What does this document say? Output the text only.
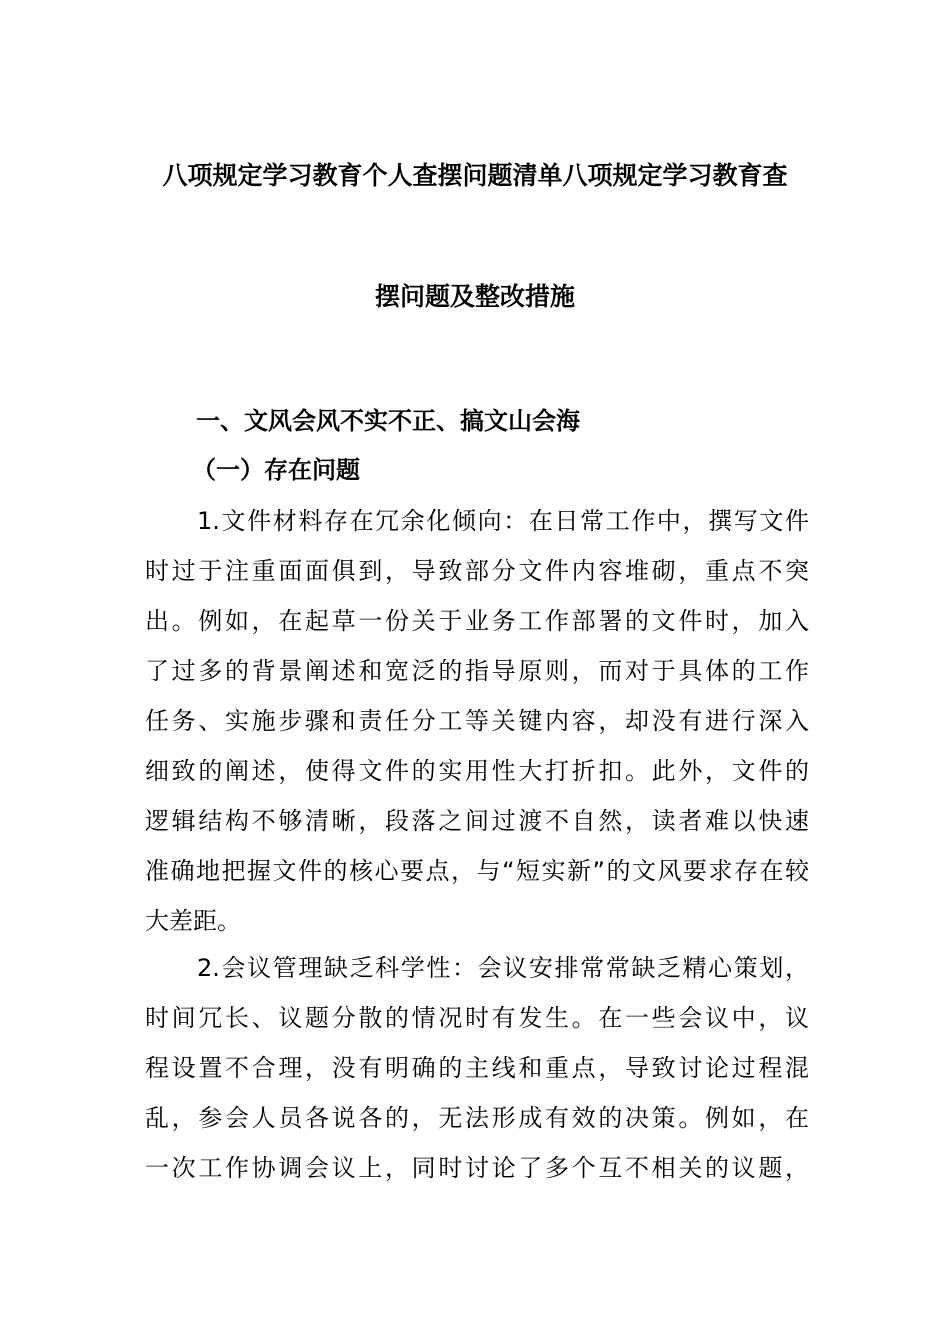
八项规定学习教育个人查摆问题清单八项规定学习教育查
摆问题及整改措施
一、文风会风不实不正、搞文山会海
（一）存在问题
1.文件材料存在冗余化倾向：在日常工作中，撰写文件
时过于注重面面俱到，导致部分文件内容堆砌，重点不突
出。例如，在起草一份关于业务工作部署的文件时，加入
了过多的背景阐述和宽泛的指导原则，而对于具体的工作
任务、实施步骤和责任分工等关键内容，却没有进行深入
细致的阐述，使得文件的实用性大打折扣。此外，文件的
逻辑结构不够清晰，段落之间过渡不自然，读者难以快速
准确地把握文件的核心要点，与“短实新”的文风要求存在较
大差距。
2.会议管理缺乏科学性：会议安排常常缺乏精心策划，
时间冗长、议题分散的情况时有发生。在一些会议中，议
程设置不合理，没有明确的主线和重点，导致讨论过程混
乱，参会人员各说各的，无法形成有效的决策。例如，在
一次工作协调会议上，同时讨论了多个互不相关的议题，
